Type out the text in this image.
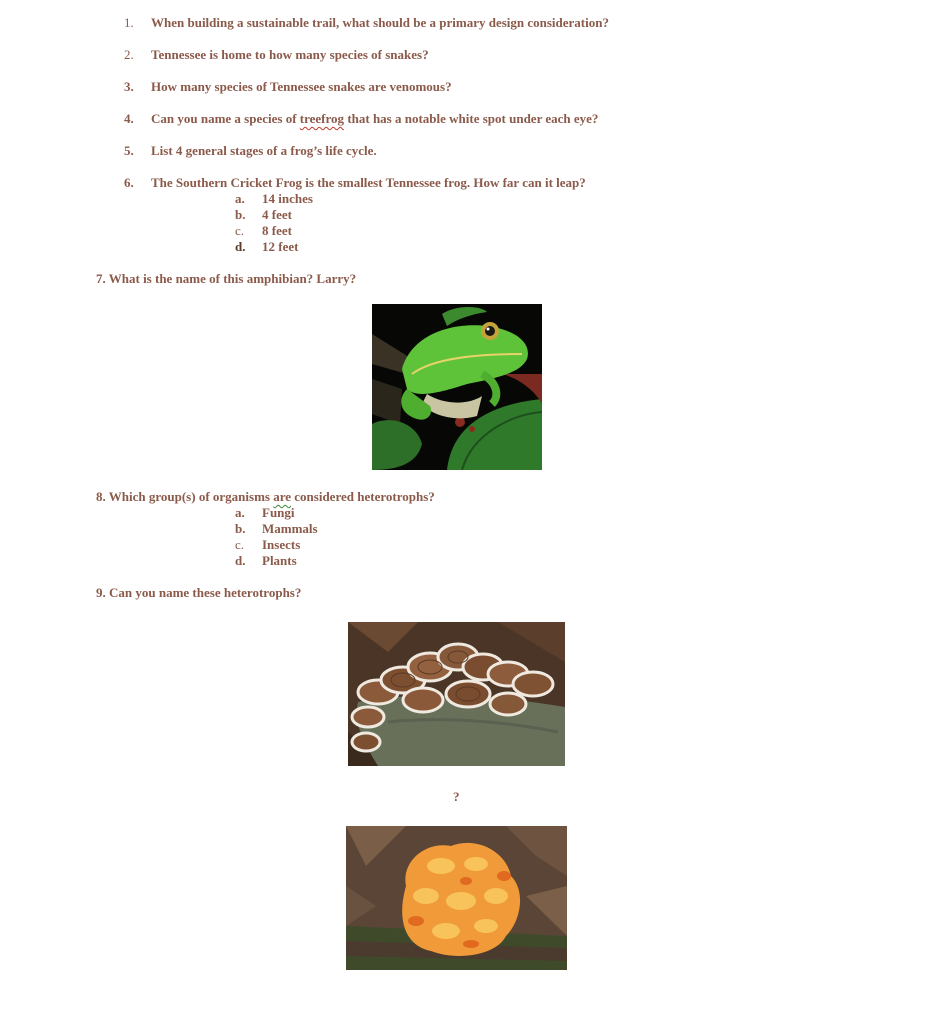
1. When building a sustainable trail, what should be a primary design consideration?
2. Tennessee is home to how many species of snakes?
3. How many species of Tennessee snakes are venomous?
4. Can you name a species of treefrog that has a notable white spot under each eye?
5. List 4 general stages of a frog’s life cycle.
6. The Southern Cricket Frog is the smallest Tennessee frog. How far can it leap?
a. 14 inches
b. 4 feet
c. 8 feet
d. 12 feet
7. What is the name of this amphibian? Larry?
8. Which group(s) of organisms are considered heterotrophs?
a. Fungi
b. Mammals
c. Insects
d. Plants
9. Can you name these heterotrophs?
?
